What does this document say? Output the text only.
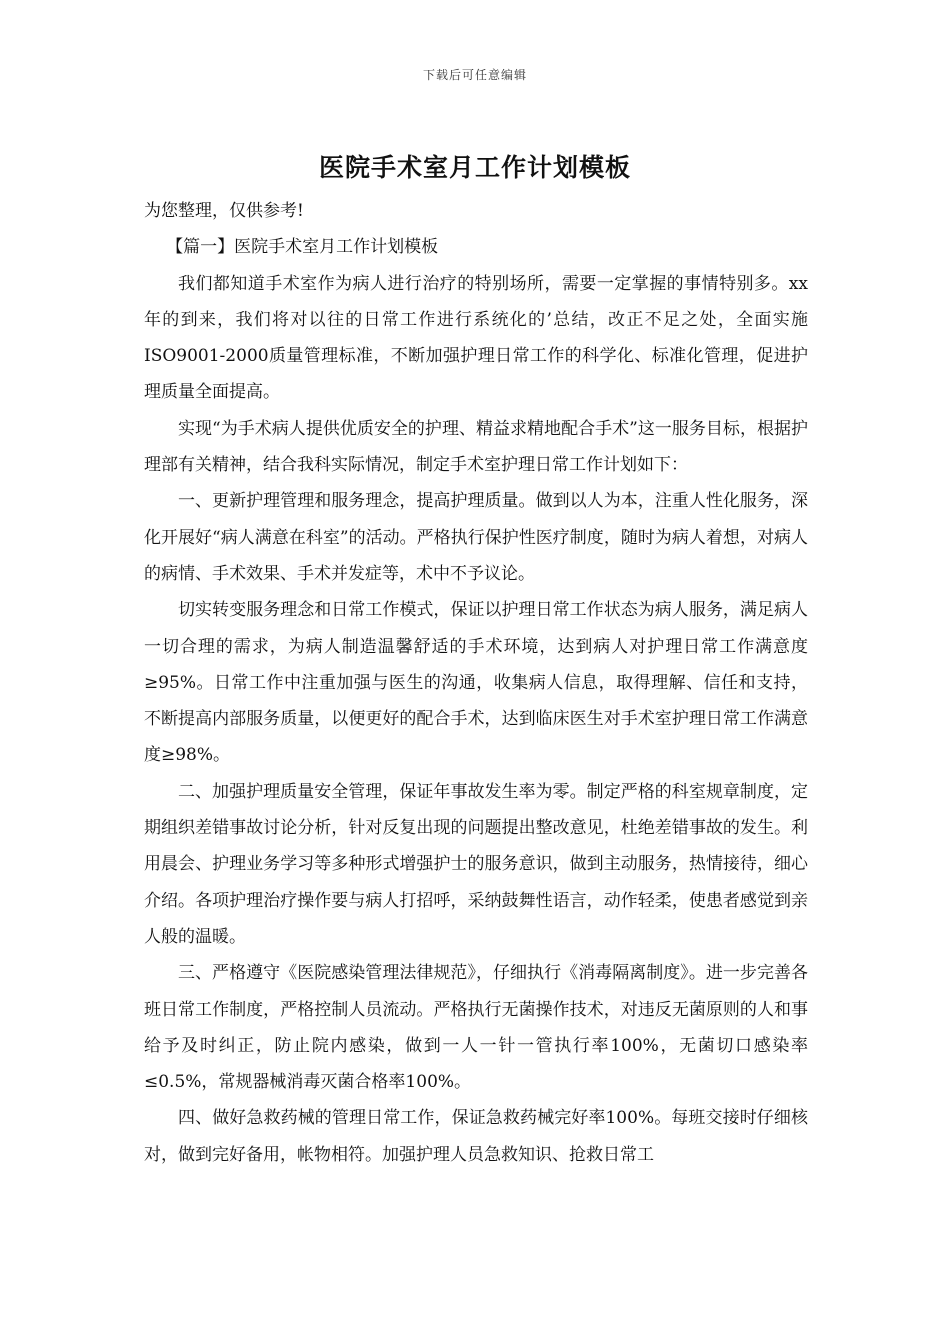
下载后可任意编辑
医院手术室月工作计划模板

为您整理，仅供参考!

【篇一】医院手术室月工作计划模板

我们都知道手术室作为病人进行治疗的特别场所，需要一定掌握的事情特别多。xx年的到来，我们将对以往的日常工作进行系统化的’总结，改正不足之处，全面实施ISO9001-2000质量管理标准，不断加强护理日常工作的科学化、标准化管理，促进护理质量全面提高。

实现“为手术病人提供优质安全的护理、精益求精地配合手术”这一服务目标，根据护理部有关精神，结合我科实际情况，制定手术室护理日常工作计划如下：

一、更新护理管理和服务理念，提高护理质量。做到以人为本，注重人性化服务，深化开展好“病人满意在科室”的活动。严格执行保护性医疗制度，随时为病人着想，对病人的病情、手术效果、手术并发症等，术中不予议论。

切实转变服务理念和日常工作模式，保证以护理日常工作状态为病人服务，满足病人一切合理的需求，为病人制造温馨舒适的手术环境，达到病人对护理日常工作满意度≥95%。日常工作中注重加强与医生的沟通，收集病人信息，取得理解、信任和支持，不断提高内部服务质量，以便更好的配合手术，达到临床医生对手术室护理日常工作满意度≥98%。

二、加强护理质量安全管理，保证年事故发生率为零。制定严格的科室规章制度，定期组织差错事故讨论分析，针对反复出现的问题提出整改意见，杜绝差错事故的发生。利用晨会、护理业务学习等多种形式增强护士的服务意识，做到主动服务，热情接待，细心介绍。各项护理治疗操作要与病人打招呼，采纳鼓舞性语言，动作轻柔，使患者感觉到亲人般的温暖。

三、严格遵守《医院感染管理法律规范》，仔细执行《消毒隔离制度》。进一步完善各班日常工作制度，严格控制人员流动。严格执行无菌操作技术，对违反无菌原则的人和事给予及时纠正，防止院内感染，做到一人一针一管执行率100%，无菌切口感染率≤0.5%，常规器械消毒灭菌合格率100%。

四、做好急救药械的管理日常工作，保证急救药械完好率100%。每班交接时仔细核对，做到完好备用，帐物相符。加强护理人员急救知识、抢救日常工
